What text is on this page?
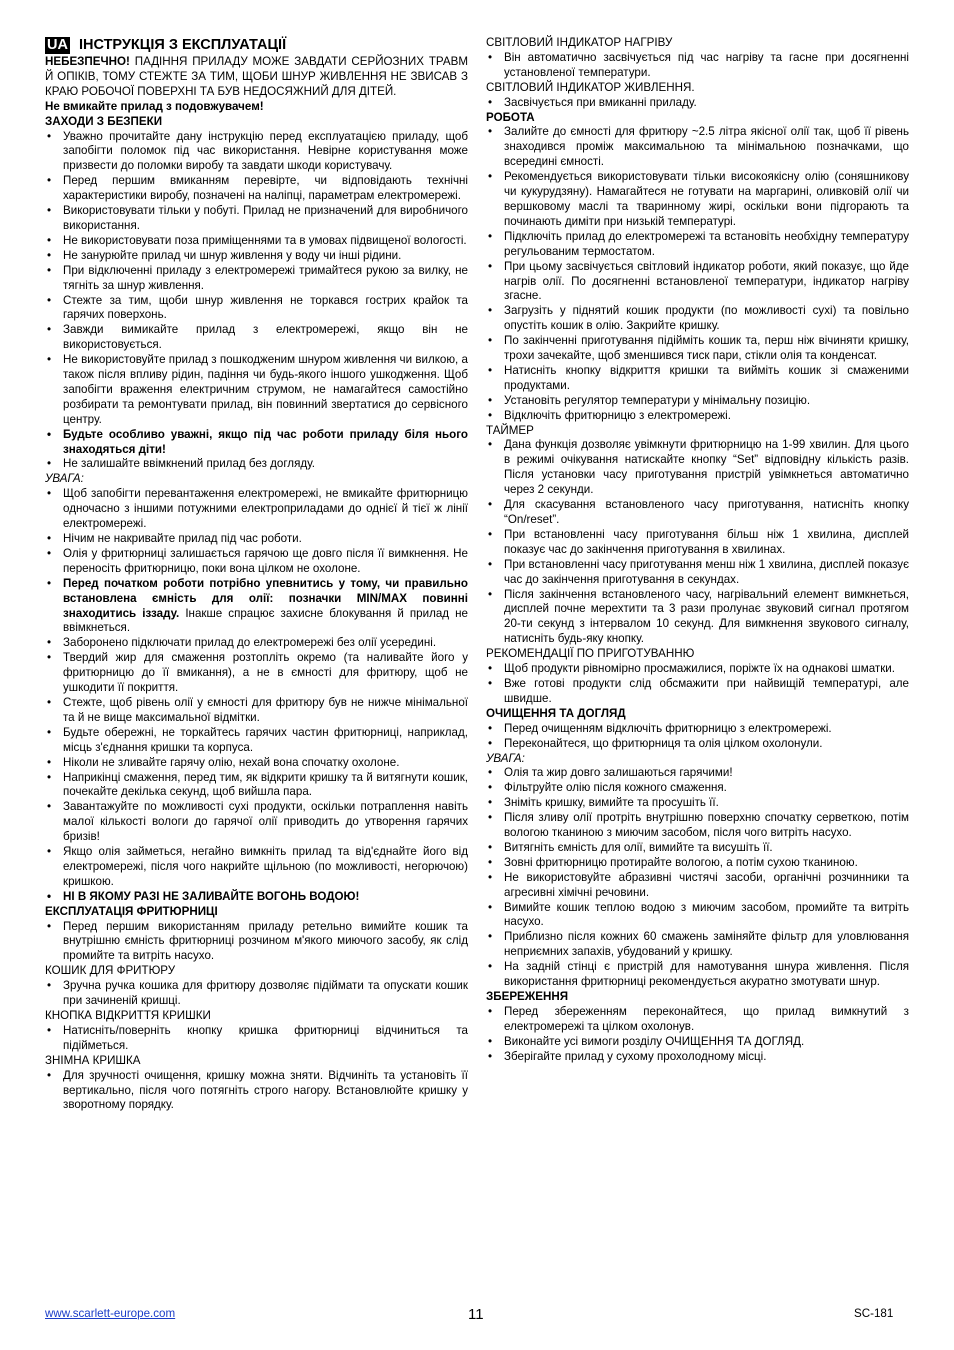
UA ІНСТРУКЦІЯ З ЕКСПЛУАТАЦІЇ
НЕБЕЗПЕЧНО! ПАДІННЯ ПРИЛАДУ МОЖЕ ЗАВДАТИ СЕРЙОЗНИХ ТРАВМ Й ОПІКІВ, ТОМУ СТЕЖТЕ ЗА ТИМ, ЩОБИ ШНУР ЖИВЛЕННЯ НЕ ЗВИСАВ З КРАЮ РОБОЧОЇ ПОВЕРХНІ ТА БУВ НЕДОСЯЖНИЙ ДЛЯ ДІТЕЙ.
Не вмикайте прилад з подовжувачем!
ЗАХОДИ З БЕЗПЕКИ
• Уважно прочитайте дану інструкцію перед експлуатацією приладу, щоб запобігти поломок під час використання. Невірне користування може призвести до поломки виробу та завдати шкоди користувачу.
• Перед першим вмиканням перевірте, чи відповідають технічні характеристики виробу, позначені на наліпці, параметрам електромережі.
• Використовувати тільки у побуті. Прилад не призначений для виробничого використання.
• Не використовувати поза приміщеннями та в умовах підвищеної вологості.
• Не занурюйте прилад чи шнур живлення у воду чи інші рідини.
• При відключенні приладу з електромережі тримайтеся рукою за вилку, не тягніть за шнур живлення.
• Стежте за тим, щоби шнур живлення не торкався гострих крайок та гарячих поверхонь.
• Завжди вимикайте прилад з електромережі, якщо він не використовується.
• Не використовуйте прилад з пошкодженим шнуром живлення чи вилкою, а також після впливу рідин, падіння чи будь-якого іншого ушкодження. Щоб запобігти враження електричним струмом, не намагайтеся самостійно розбирати та ремонтувати прилад, він повинний звертатися до сервісного центру.
• Будьте особливо уважні, якщо під час роботи приладу біля нього знаходяться діти!
• Не залишайте ввімкнений прилад без догляду.
УВАГА:
• Щоб запобігти перевантаження електромережі, не вмикайте фритюрницю одночасно з іншими потужними електроприладами до однієї й тієї ж лінії електромережі.
• Нічим не накривайте прилад під час роботи.
• Олія у фритюрниці залишається гарячою ще довго після її вимкнення. Не переносіть фритюрницю, поки вона цілком не охолоне.
• Перед початком роботи потрібно упевнитись у тому, чи правильно встановлена ємність для олії: позначки MIN/MAX повинні знаходитись іззаду. Інакше спрацює захисне блокування й прилад не ввімкнеться.
• Заборонено підключати прилад до електромережі без олії усередині.
• Твердий жир для смаження розтопліть окремо (та наливайте його у фритюрницю до її вмикання), а не в ємності для фритюру, щоб не ушкодити її покриття.
• Стежте, щоб рівень олії у ємності для фритюру був не нижче мінімальної та й не вище максимальної відмітки.
• Будьте обережні, не торкайтесь гарячих частин фритюрниці, наприклад, місць з'єднання кришки та корпуса.
• Ніколи не зливайте гарячу олію, нехай вона спочатку охолоне.
• Наприкінці смаження, перед тим, як відкрити кришку та й витягнути кошик, почекайте декілька секунд, щоб вийшла пара.
• Завантажуйте по можливості сухі продукти, оскільки потраплення навіть малої кількості вологи до гарячої олії приводить до утворення гарячих бризів!
• Якщо олія займеться, негайно вимкніть прилад та від'єднайте його від електромережі, після чого накрийте щільною (по можливості, негорючою) кришкою.
• НІ В ЯКОМУ РАЗІ НЕ ЗАЛИВАЙТЕ ВОГОНЬ ВОДОЮ!
ЕКСПЛУАТАЦІЯ ФРИТЮРНИЦІ
• Перед першим використанням приладу ретельно вимийте кошик та внутрішню ємність фритюрниці розчином м'якого миючого засобу, як слід промийте та витріть насухо.
КОШИК ДЛЯ ФРИТЮРУ
• Зручна ручка кошика для фритюру дозволяє підіймати та опускати кошик при зачиненій кришці.
КНОПКА ВІДКРИТТЯ КРИШКИ
• Натисніть/поверніть кнопку кришка фритюрниці відчиниться та підійметься.
ЗНІМНА КРИШКА
• Для зручності очищення, кришку можна зняти. Відчиніть та установіть її вертикально, після чого потягніть строго нагору. Встановлюйте кришку у зворотному порядку.
СВІТЛОВИЙ ІНДИКАТОР НАГРІВУ
• Він автоматично засвічується під час нагріву та гасне при досягненні установленої температури.
СВІТЛОВИЙ ІНДИКАТОР ЖИВЛЕННЯ.
• Засвічується при вмиканні приладу.
РОБОТА
• Залийте до ємності для фритюру ~2.5 літра якісної олії так, щоб її рівень знаходився проміж максимальною та мінімальною позначками, що всередині ємності.
• Рекомендується використовувати тільки високоякісну олію (соняшникову чи кукурудзяну). Намагайтеся не готувати на маргарині, оливковій олії чи вершковому маслі та тваринному жирі, оскільки вони підгорають та починають димiти при низькій температурі.
• Підключіть прилад до електромережі та встановіть необхідну температуру регульованим термостатом.
• При цьому засвічується світловий індикатор роботи, який показує, що йде нагрів олії. По досягненні встановленої температури, індикатор нагріву згасне.
• Загрузіть у піднятий кошик продукти (по можливості сухі) та повільно опустіть кошик в олію. Закрийте кришку.
• По закінченні приготування підійміть кошик та, перш ніж вiчиняти кришку, трохи зачекайте, щоб зменшився тиск пари, стікли олія та конденсат.
• Натисніть кнопку відкриття кришки та вийміть кошик зі смаженими продуктами.
• Установіть регулятор температури у мінімальну позицію.
• Відключіть фритюрницю з електромережі.
ТАЙМЕР
• Дана функція дозволяє увімкнути фритюрницю на 1-99 хвилин. Для цього в режимі очікування натискайте кнопку “Set” відповідну кількість разів. Після установки часу приготування пристрій увімкнеться автоматично через 2 секунди.
• Для скасування встановленого часу приготування, натисніть кнопку “On/reset”.
• При встановленні часу приготування більш ніж 1 хвилина, дисплей показує час до закінчення приготування в хвилинах.
• При встановленні часу приготування менш ніж 1 хвилина, дисплей показує час до закінчення приготування в секундах.
• Після закінчення встановленого часу, нагрівальний елемент вимкнеться, дисплей почне мерехтити та 3 рази пролунає звуковий сигнал протягом 20-ти секунд з інтервалом 10 секунд. Для вимкнення звукового сигналу, натисніть будь-яку кнопку.
РЕКОМЕНДАЦІЇ ПО ПРИГОТУВАННЮ
• Щоб продукти рівномірно просмажилися, поріжте їх на однакові шматки.
• Вже готові продукти слід обсмажити при найвищій температурі, але швидше.
ОЧИЩЕННЯ ТА ДОГЛЯД
• Перед очищенням відключіть фритюрницю з електромережі.
• Переконайтеся, що фритюрниця та олія цілком охолонули.
УВАГА:
• Олія та жир довго залишаються гарячими!
• Фільтруйте олію після кожного смаження.
• Зніміть кришку, вимийте та просушіть її.
• Після зливу олії протріть внутрішню поверхню спочатку серветкою, потім вологою тканиною з миючим засобом, після чого витріть насухо.
• Витягніть ємність для олії, вимийте та висушіть її.
• Зовні фритюрницю протирайте вологою, а потім сухою тканиною.
• Не використовуйте абразивні чистячі засоби, органічні розчинники та агресивні хімічні речовини.
• Вимийте кошик теплою водою з миючим засобом, промийте та витріть насухо.
• Приблизно після кожних 60 смажень заміняйте фільтр для уловлювання неприємних запахів, убудований у кришку.
• На задній стінці є пристрій для намотування шнура живлення. Після використання фритюрниці рекомендується акуратно змотувати шнур.
ЗБЕРЕЖЕННЯ
• Перед збереженням переконайтеся, що прилад вимкнутий з електромережі та цілком охолонув.
• Виконайте усі вимоги розділу ОЧИЩЕННЯ ТА ДОГЛЯД.
• Зберігайте прилад у сухому прохолодному місці.
www.scarlett-europe.com	11	SC-181
